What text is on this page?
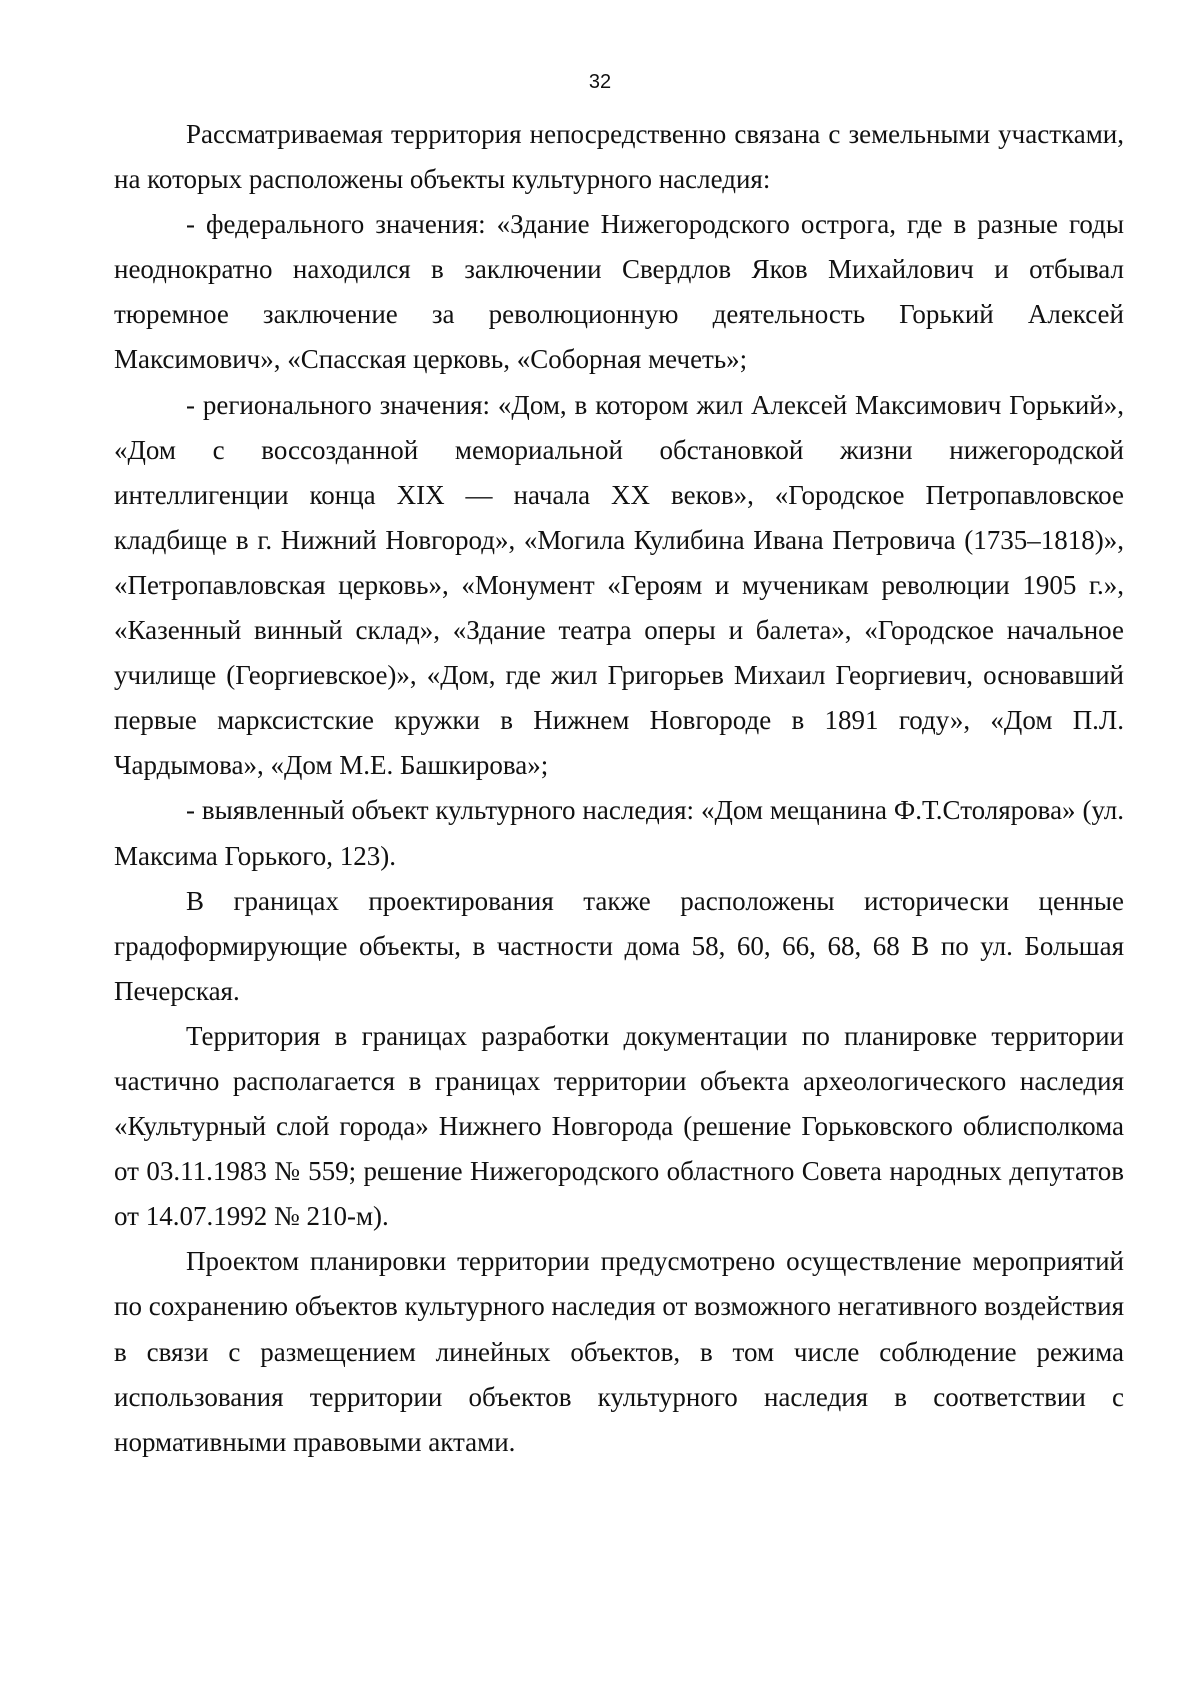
32

Рассматриваемая территория непосредственно связана с земельными участками, на которых расположены объекты культурного наследия:

- федерального значения: «Здание Нижегородского острога, где в разные годы неоднократно находился в заключении Свердлов Яков Михайлович и отбывал тюремное заключение за революционную деятельность Горький Алексей Максимович», «Спасская церковь, «Соборная мечеть»;

- регионального значения: «Дом, в котором жил Алексей Максимович Горький», «Дом с воссозданной мемориальной обстановкой жизни нижегородской интеллигенции конца XIX — начала XX веков», «Городское Петропавловское кладбище в г. Нижний Новгород», «Могила Кулибина Ивана Петровича (1735–1818)», «Петропавловская церковь», «Монумент «Героям и мученикам революции 1905 г.», «Казенный винный склад», «Здание театра оперы и балета», «Городское начальное училище (Георгиевское)», «Дом, где жил Григорьев Михаил Георгиевич, основавший первые марксистские кружки в Нижнем Новгороде в 1891 году», «Дом П.Л. Чардымова», «Дом М.Е. Башкирова»;

- выявленный объект культурного наследия: «Дом мещанина Ф.Т.Столярова» (ул. Максима Горького, 123).

В границах проектирования также расположены исторически ценные градоформирующие объекты, в частности дома 58, 60, 66, 68, 68 В по ул. Большая Печерская.

Территория в границах разработки документации по планировке территории частично располагается в границах территории объекта археологического наследия «Культурный слой города» Нижнего Новгорода (решение Горьковского облисполкома от 03.11.1983 № 559; решение Нижегородского областного Совета народных депутатов от 14.07.1992 № 210-м).

Проектом планировки территории предусмотрено осуществление мероприятий по сохранению объектов культурного наследия от возможного негативного воздействия в связи с размещением линейных объектов, в том числе соблюдение режима использования территории объектов культурного наследия в соответствии с нормативными правовыми актами.
